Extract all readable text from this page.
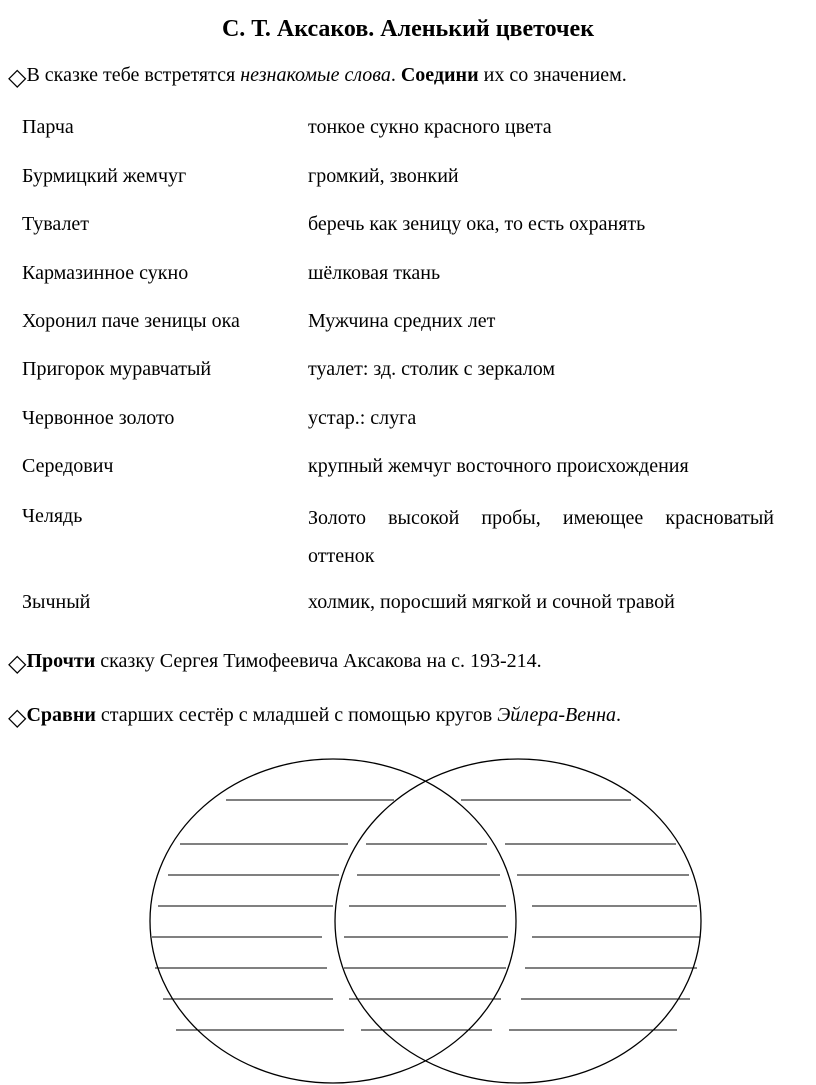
С. Т. Аксаков. Аленький цветочек
◇В сказке тебе встретятся незнакомые слова. Соедини их со значением.
Парча	тонкое сукно красного цвета
Бурмицкий жемчуг	громкий, звонкий
Тувалет	беречь как зеницу ока, то есть охранять
Кармазинное сукно	шёлковая ткань
Хоронил паче зеницы ока	Мужчина средних лет
Пригорок муравчатый	туалет: зд. столик с зеркалом
Червонное золото	устар.: слуга
Середович	крупный жемчуг восточного происхождения
Челядь	Золото высокой пробы, имеющее красноватый оттенок
Зычный	холмик, поросший мягкой и сочной травой
◇Прочти сказку Сергея Тимофеевича Аксакова на с. 193-214.
◇Сравни старших сестёр с младшей с помощью кругов Эйлера-Венна.
